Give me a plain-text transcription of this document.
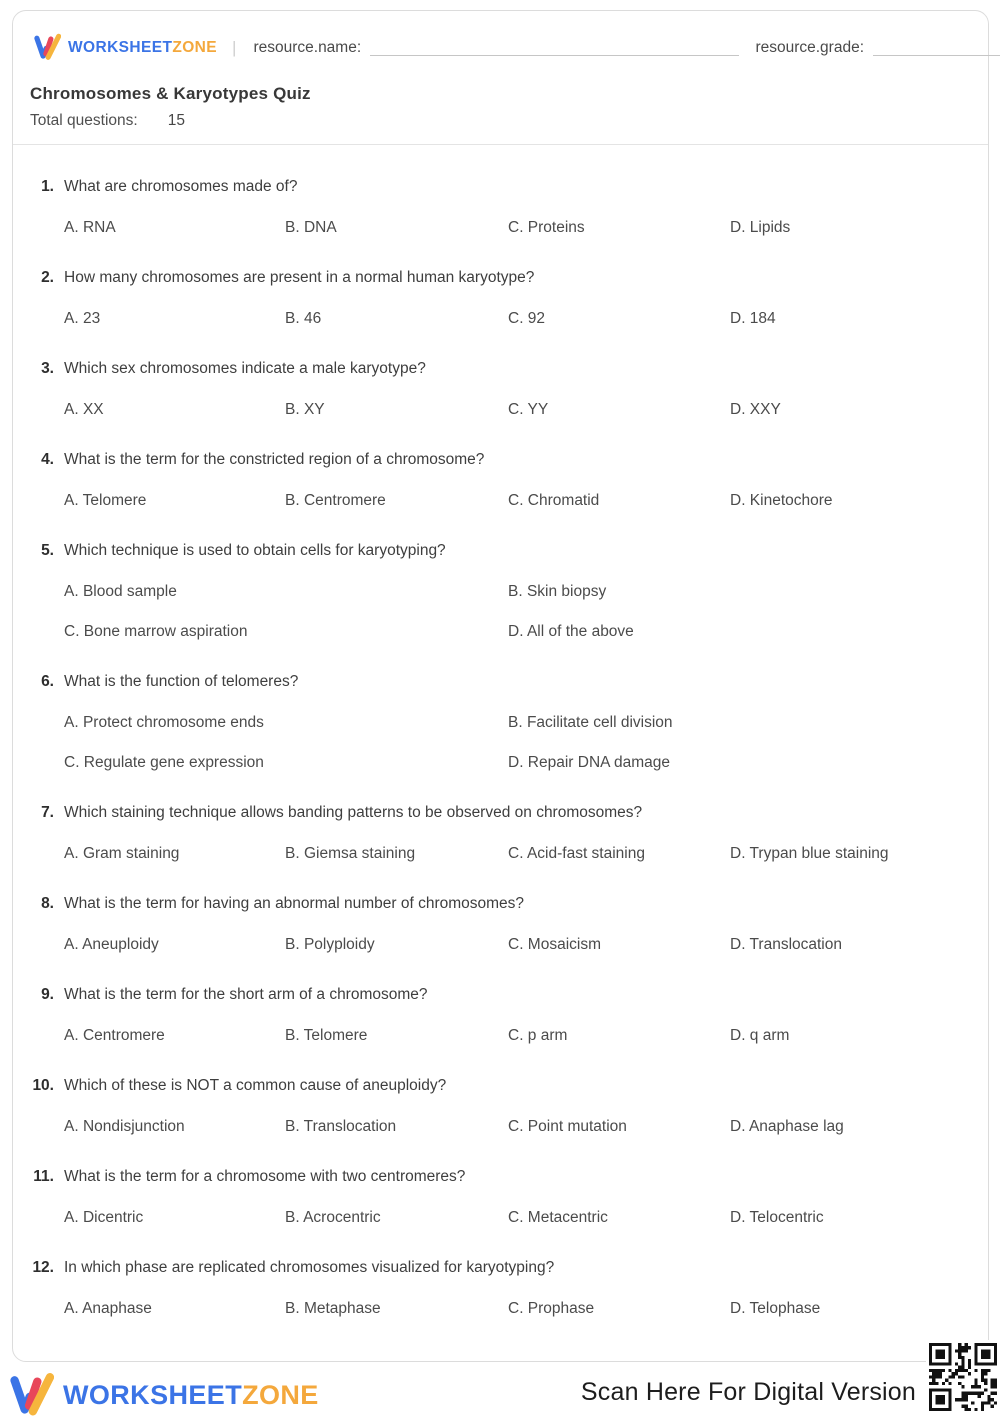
WORKSHEETZONE | resource.name:	resource.grade:
Chromosomes & Karyotypes Quiz
Total questions: 15
1. What are chromosomes made of?
A. RNA	B. DNA	C. Proteins	D. Lipids
2. How many chromosomes are present in a normal human karyotype?
A. 23	B. 46	C. 92	D. 184
3. Which sex chromosomes indicate a male karyotype?
A. XX	B. XY	C. YY	D. XXY
4. What is the term for the constricted region of a chromosome?
A. Telomere	B. Centromere	C. Chromatid	D. Kinetochore
5. Which technique is used to obtain cells for karyotyping?
A. Blood sample	B. Skin biopsy
C. Bone marrow aspiration	D. All of the above
6. What is the function of telomeres?
A. Protect chromosome ends	B. Facilitate cell division
C. Regulate gene expression	D. Repair DNA damage
7. Which staining technique allows banding patterns to be observed on chromosomes?
A. Gram staining	B. Giemsa staining	C. Acid-fast staining	D. Trypan blue staining
8. What is the term for having an abnormal number of chromosomes?
A. Aneuploidy	B. Polyploidy	C. Mosaicism	D. Translocation
9. What is the term for the short arm of a chromosome?
A. Centromere	B. Telomere	C. p arm	D. q arm
10. Which of these is NOT a common cause of aneuploidy?
A. Nondisjunction	B. Translocation	C. Point mutation	D. Anaphase lag
11. What is the term for a chromosome with two centromeres?
A. Dicentric	B. Acrocentric	C. Metacentric	D. Telocentric
12. In which phase are replicated chromosomes visualized for karyotyping?
A. Anaphase	B. Metaphase	C. Prophase	D. Telophase
WORKSHEETZONE	Scan Here For Digital Version
